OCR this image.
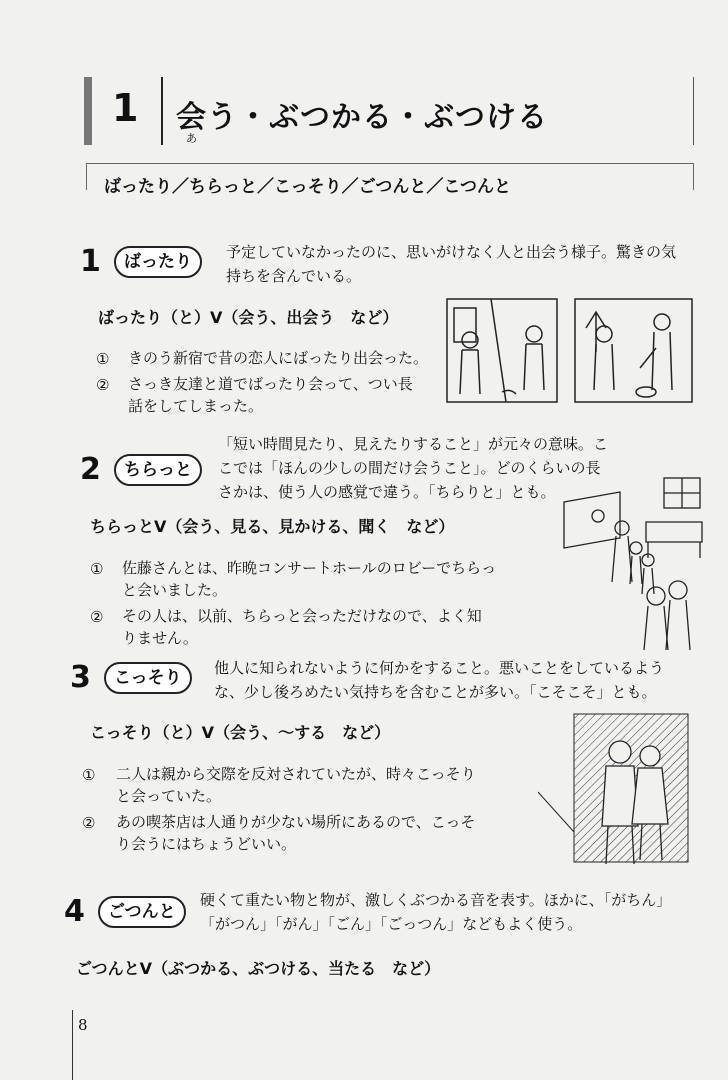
1 会う・ぶつかる・ぶつける
あ
ばったり／ちらっと／こっそり／ごつんと／こつんと
1	ばったり	予定していなかったのに、思いがけなく人と出会う様子。驚きの気
持ちを含んでいる。
ばったり（と）V（会う、出会う　など）
① きのう新宿で昔の恋人にばったり出会った。
② さっき友達と道でばったり会って、つい長
話をしてしまった。
2	ちらっと
「短い時間見たり、見えたりすること」が元々の意味。こ
こでは「ほんの少しの間だけ会うこと」。どのくらいの長
さかは、使う人の感覚で違う。「ちらりと」とも。
ちらっとV（会う、見る、見かける、聞く　など）
① 佐藤さんとは、昨晩コンサートホールのロビーでちらっ
と会いました。
② その人は、以前、ちらっと会っただけなので、よく知
りません。
3	こっそり	他人に知られないように何かをすること。悪いことをしているよう
な、少し後ろめたい気持ちを含むことが多い。「こそこそ」とも。
こっそり（と）V（会う、～する　など）
① 二人は親から交際を反対されていたが、時々こっそり
と会っていた。
② あの喫茶店は人通りが少ない場所にあるので、こっそ
り会うにはちょうどいい。
4	ごつんと
硬くて重たい物と物が、激しくぶつかる音を表す。ほかに、「がちん」
「がつん」「がん」「ごん」「ごっつん」などもよく使う。
ごつんとV（ぶつかる、ぶつける、当たる　など）
8
